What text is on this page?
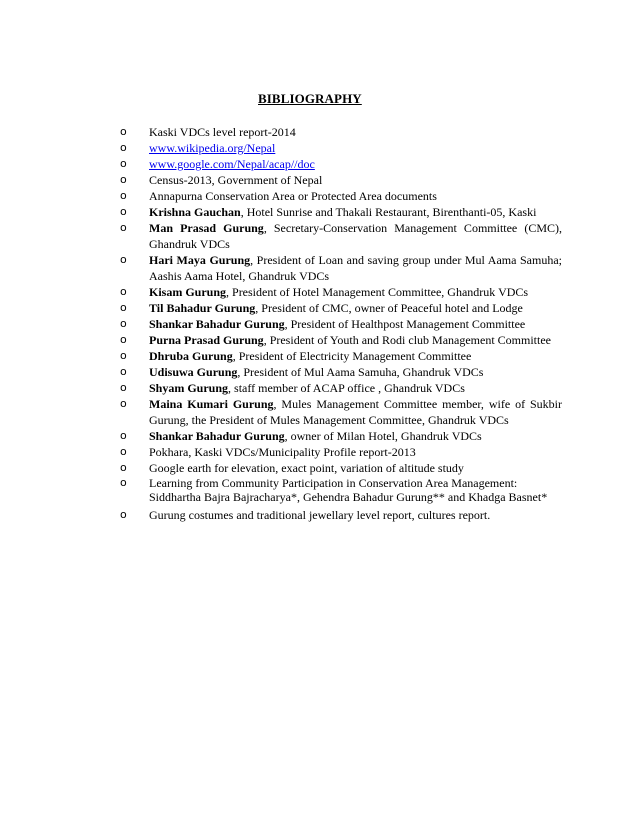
BIBLIOGRAPHY
o	Kaski VDCs level report-2014
o	www.wikipedia.org/Nepal
o	www.google.com/Nepal/acap//doc
o	Census-2013, Government of Nepal
o	Annapurna Conservation Area or Protected Area documents
o	Krishna Gauchan, Hotel Sunrise and Thakali Restaurant, Birenthanti-05, Kaski
o	Man Prasad Gurung, Secretary-Conservation Management Committee (CMC), Ghandruk VDCs
o	Hari Maya Gurung, President of Loan and saving group under Mul Aama Samuha; Aashis Aama Hotel, Ghandruk VDCs
o	Kisam Gurung, President of Hotel Management Committee, Ghandruk VDCs
o	Til Bahadur Gurung, President of CMC, owner of Peaceful hotel and Lodge
o	Shankar Bahadur Gurung, President of Healthpost Management Committee
o	Purna Prasad Gurung, President of Youth and Rodi club Management Committee
o	Dhruba Gurung, President of Electricity Management Committee
o	Udisuwa Gurung, President of Mul Aama Samuha, Ghandruk VDCs
o	Shyam Gurung, staff member of ACAP office , Ghandruk VDCs
o	Maina Kumari Gurung, Mules Management Committee member, wife of Sukbir Gurung, the President of Mules Management Committee, Ghandruk VDCs
o	Shankar Bahadur Gurung, owner of Milan Hotel, Ghandruk VDCs
o	Pokhara, Kaski VDCs/Municipality Profile report-2013
o	Google earth for elevation, exact point, variation of altitude study
o	Learning from Community Participation in Conservation Area Management: Siddhartha Bajra Bajracharya*, Gehendra Bahadur Gurung** and Khadga Basnet*
o	Gurung costumes and traditional jewellary level report, cultures report.
